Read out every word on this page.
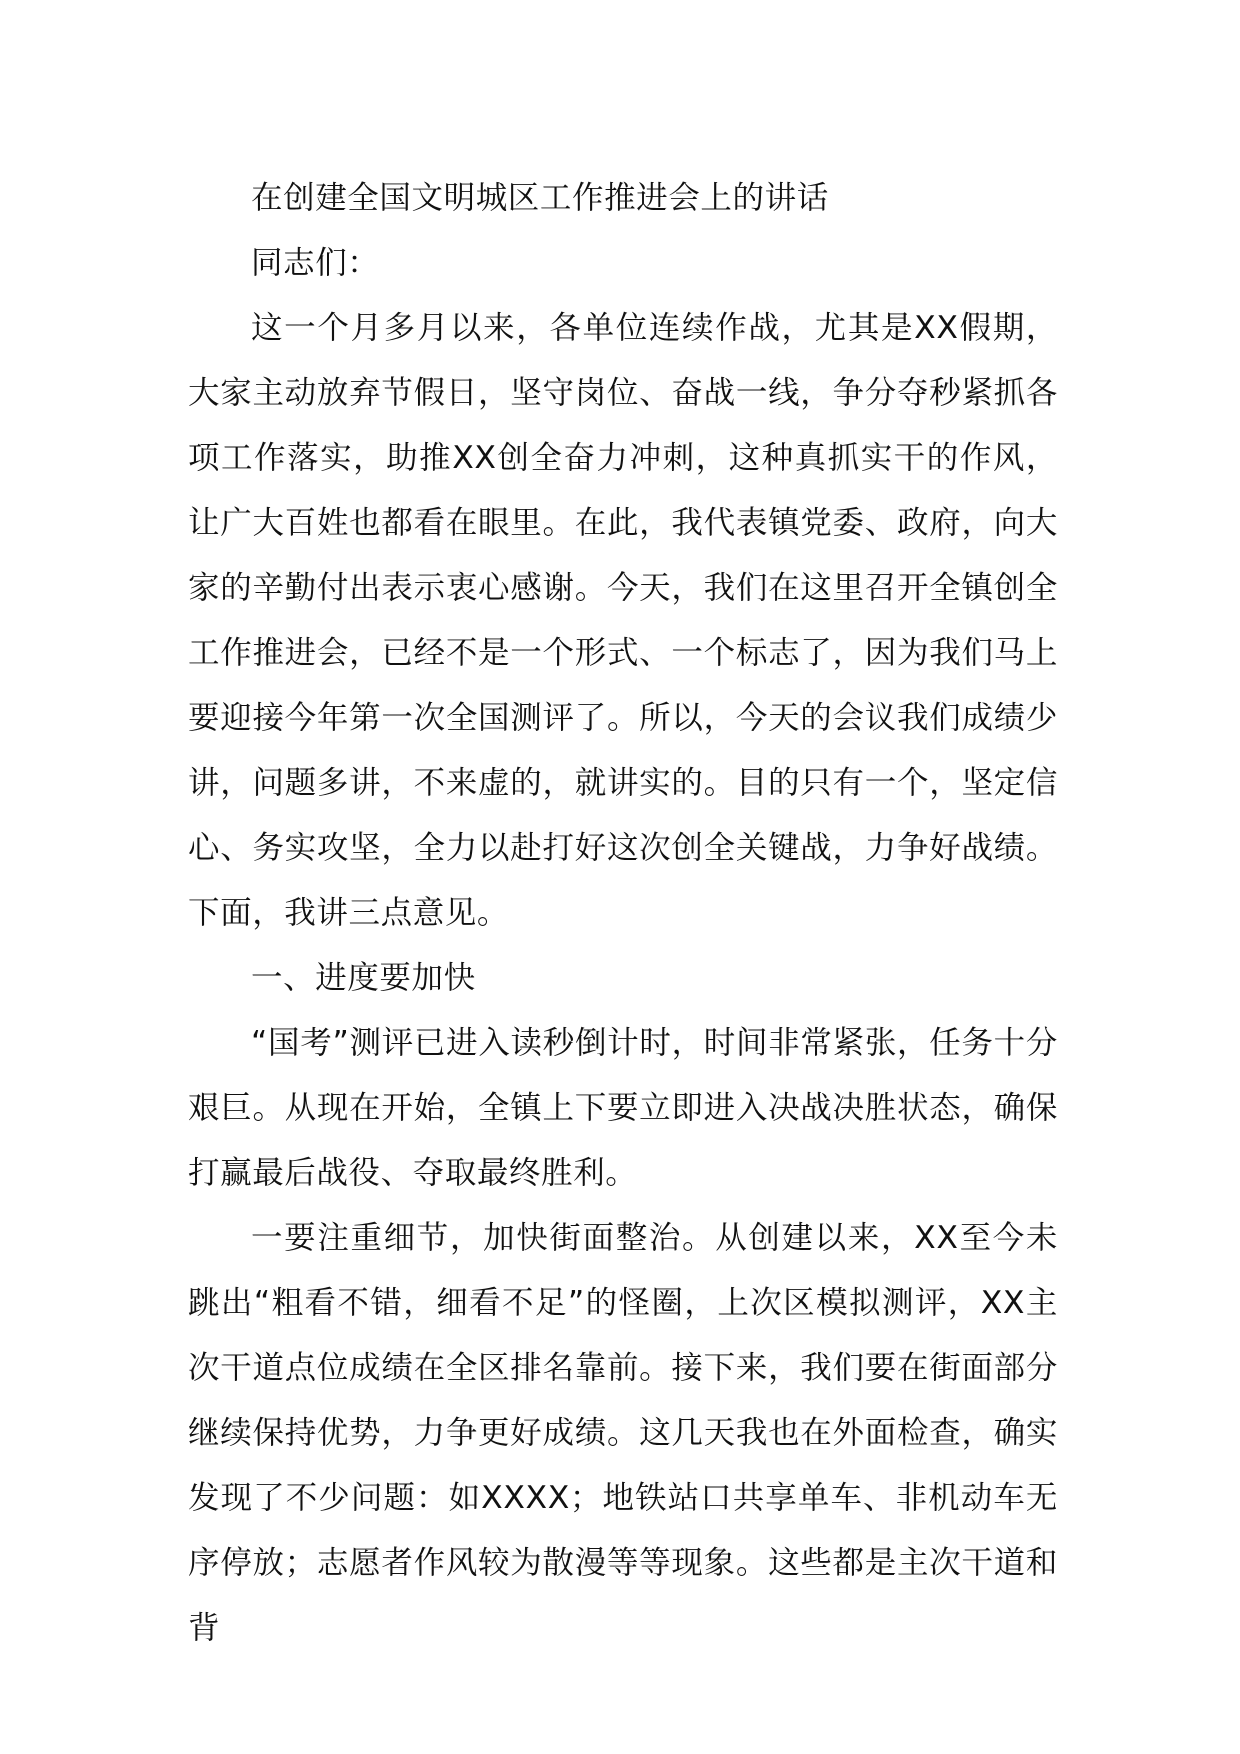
在创建全国文明城区工作推进会上的讲话

同志们：

这一个月多月以来，各单位连续作战，尤其是XX假期，大家主动放弃节假日，坚守岗位、奋战一线，争分夺秒紧抓各项工作落实，助推XX创全奋力冲刺，这种真抓实干的作风，让广大百姓也都看在眼里。在此，我代表镇党委、政府，向大家的辛勤付出表示衷心感谢。今天，我们在这里召开全镇创全工作推进会，已经不是一个形式、一个标志了，因为我们马上要迎接今年第一次全国测评了。所以，今天的会议我们成绩少讲，问题多讲，不来虚的，就讲实的。目的只有一个，坚定信心、务实攻坚，全力以赴打好这次创全关键战，力争好战绩。下面，我讲三点意见。

一、进度要加快

“国考”测评已进入读秒倒计时，时间非常紧张，任务十分艰巨。从现在开始，全镇上下要立即进入决战决胜状态，确保打赢最后战役、夺取最终胜利。

一要注重细节，加快街面整治。从创建以来，XX至今未跳出“粗看不错，细看不足”的怪圈，上次区模拟测评，XX主次干道点位成绩在全区排名靠前。接下来，我们要在街面部分继续保持优势，力争更好成绩。这几天我也在外面检查，确实发现了不少问题：如XXXX；地铁站口共享单车、非机动车无序停放；志愿者作风较为散漫等等现象。这些都是主次干道和背
